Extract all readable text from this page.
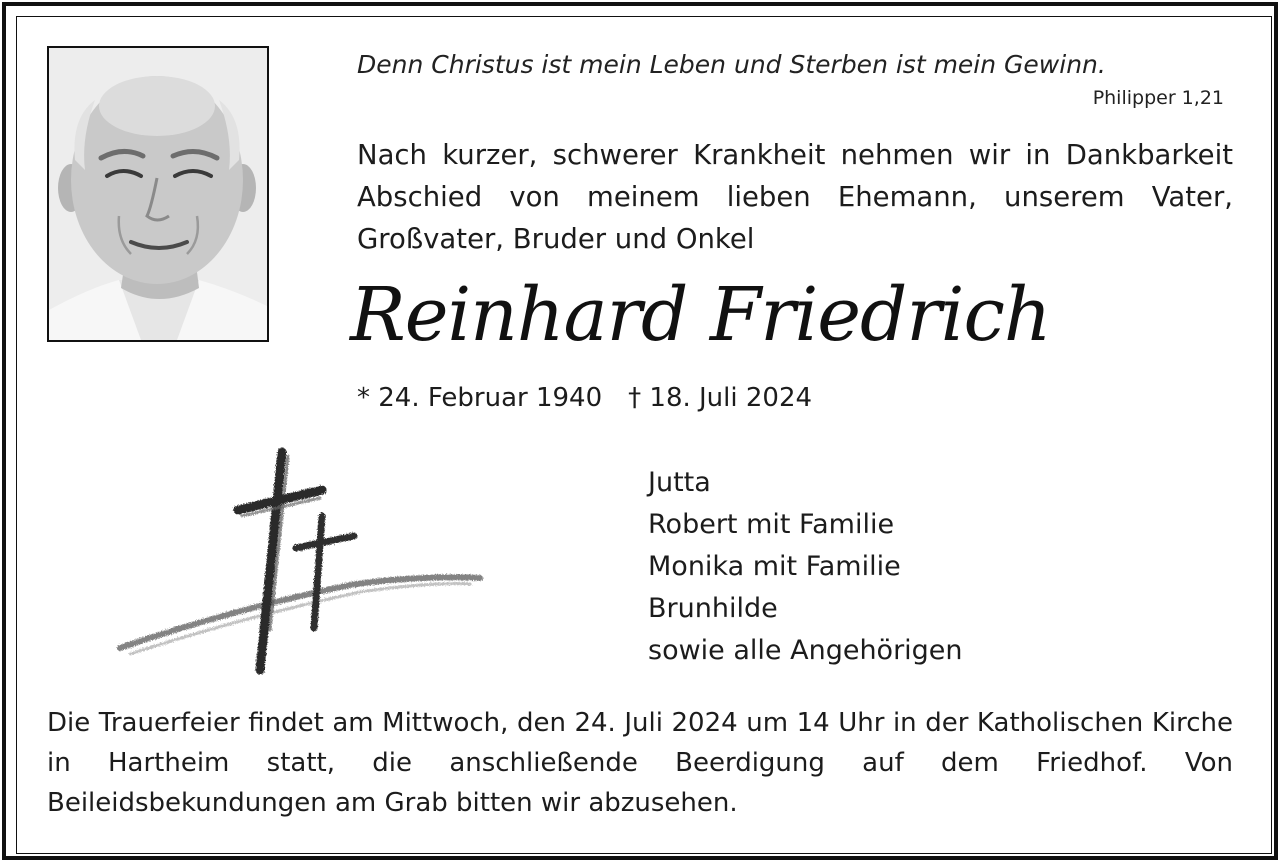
Denn Christus ist mein Leben und Sterben ist mein Gewinn.
Philipper 1,21
Nach kurzer, schwerer Krankheit nehmen wir in Dankbarkeit Abschied von meinem lieben Ehemann, unserem Vater, Großvater, Bruder und Onkel
Reinhard Friedrich
* 24. Februar 1940 † 18. Juli 2024
Jutta
Robert mit Familie
Monika mit Familie
Brunhilde
sowie alle Angehörigen
Die Trauerfeier findet am Mittwoch, den 24. Juli 2024 um 14 Uhr in der Katholischen Kirche in Hartheim statt, die anschließende Beerdigung auf dem Friedhof. Von Beileidsbekundungen am Grab bitten wir abzusehen.
